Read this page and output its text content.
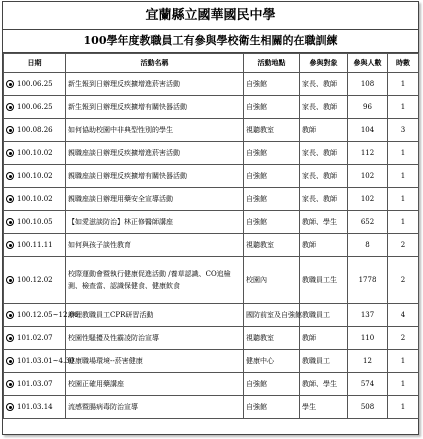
宜蘭縣立國華國民中學
100學年度教職員工有參與學校衛生相關的在職訓練
日期	活動名稱	活動地點	參與對象	參與人數	時數
100.06.25	新生報到日辦理反疾擴增進菸害活動	自強館	家長、教師	108	1
100.06.25	新生報到日辦理反疾擴增有關快器活動	自強館	家長、教師	96	1
100.08.26	如何協助校園中非典型性別的學生	視聽教室	教師	104	3
100.10.02	親職座談日辦理反疾擴增進菸害活動	自強館	家長、教師	112	1
100.10.02	親職座談日辦理反疾擴增有關快器活動	自強館	家長、教師	102	1
100.10.02	親職座談日辦理用藥安全宣導活動	自強館	家長、教師	102	1
100.10.05	【如愛滋談防治】林正修醫師講座	自強館	教師、學生	652	1
100.11.11	如何與孩子談性教育	視聽教室	教師	8	2
100.12.02	校際運動會暨執行健康促進活動 /養草認識、CO追檢測、檢查當、認識保健食、健康飲食	校園內	教職員工生	1778	2
100.12.05~12.06	辦理教職員工CPR研習活動	國防前室及自強館	教職員工	137	4
101.02.07	校園性騷擾及性霸凌防治宣導	視聽教室	教師	110	2
101.03.01~4.30	健康職場環境--菸害健康	健康中心	教職員工	12	1
101.03.07	校園正確用藥講座	自強館	教師、學生	574	1
101.03.14	流感暨腸病毒防治宣導	自強館	學生	508	1
